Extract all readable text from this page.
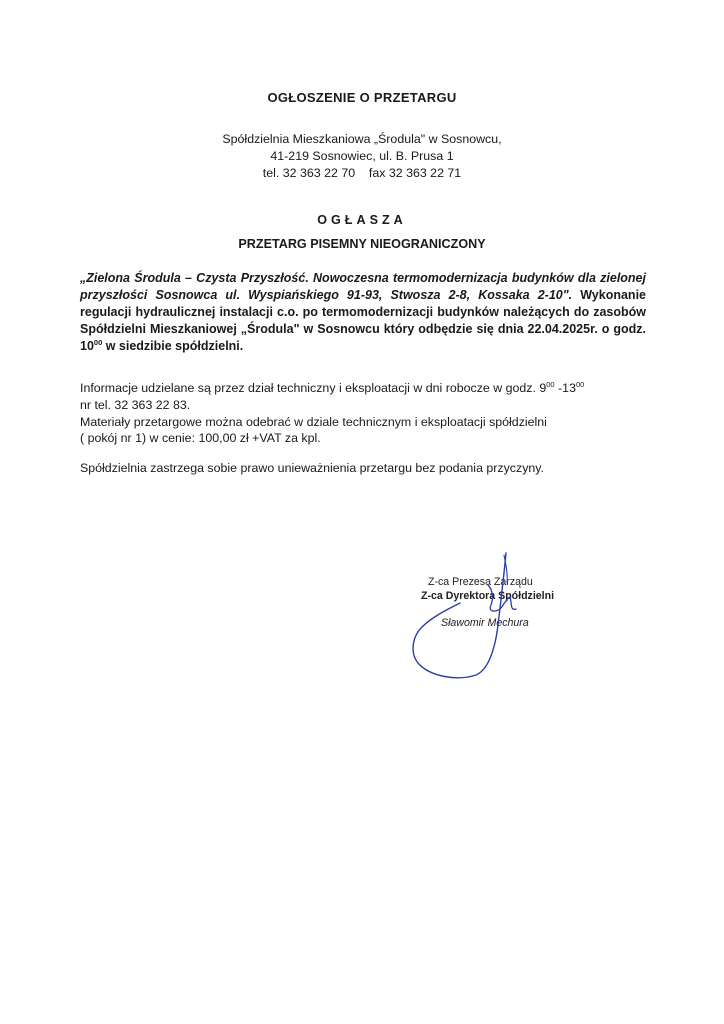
OGŁOSZENIE O PRZETARGU
Spółdzielnia Mieszkaniowa „Środula" w Sosnowcu,
41-219 Sosnowiec, ul. B. Prusa 1
tel. 32 363 22 70    fax 32 363 22 71
OGŁASZA
PRZETARG PISEMNY NIEOGRANICZONY
„Zielona Środula – Czysta Przyszłość. Nowoczesna termomodernizacja budynków dla zielonej przyszłości Sosnowca ul. Wyspiańskiego 91-93, Stwosza 2-8, Kossaka 2-10". Wykonanie regulacji hydraulicznej instalacji c.o. po termomodernizacji budynków należących do zasobów Spółdzielni Mieszkaniowej „Środula" w Sosnowcu który odbędzie się dnia 22.04.2025r. o godz. $10^{00}$ w siedzibie spółdzielni.

Informacje udzielane są przez dział techniczny i eksploatacji w dni robocze w godz. $9^{00}$ $-13^{00}$

nr tel. 32 363 22 83.

Materiały przetargowe można odebrać w dziale technicznym i eksploatacji spółdzielni

( pokój nr 1) w cenie: 100,00 zł +VAT za kpl.

Spółdzielnia zastrzega sobie prawo unieważnienia przetargu bez podania przyczyny.
Z-ca Prezesa Zarządu
Z-ca Dyrektora Spółdzielni
Sławomir Mechura
